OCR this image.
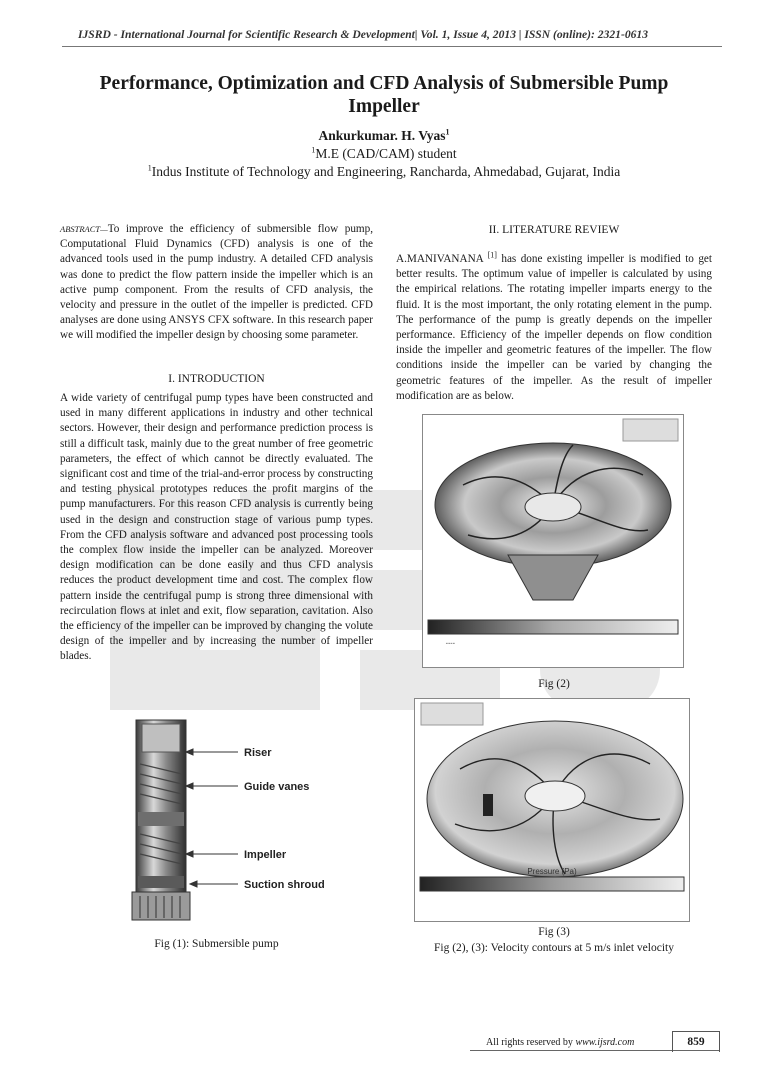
IJSRD - International Journal for Scientific Research & Development| Vol. 1, Issue 4, 2013 | ISSN (online): 2321-0613
Performance, Optimization and CFD Analysis of Submersible Pump Impeller
Ankurkumar. H. Vyas$^1$
$^1$M.E (CAD/CAM) student
$^1$Indus Institute of Technology and Engineering, Rancharda, Ahmedabad, Gujarat, India

ABSTRACT—To improve the efficiency of submersible flow pump, Computational Fluid Dynamics (CFD) analysis is one of the advanced tools used in the pump industry. A detailed CFD analysis was done to predict the flow pattern inside the impeller which is an active pump component. From the results of CFD analysis, the velocity and pressure in the outlet of the impeller is predicted. CFD analyses are done using ANSYS CFX software. In this research paper we will modified the impeller design by choosing some parameter.

I. INTRODUCTION
A wide variety of centrifugal pump types have been constructed and used in many different applications in industry and other technical sectors. However, their design and performance prediction process is still a difficult task, mainly due to the great number of free geometric parameters, the effect of which cannot be directly evaluated. The significant cost and time of the trial-and-error process by constructing and testing physical prototypes reduces the profit margins of the pump manufacturers. For this reason CFD analysis is currently being used in the design and construction stage of various pump types. From the CFD analysis software and advanced post processing tools the complex flow inside the impeller can be analyzed. Moreover design modification can be done easily and thus CFD analysis reduces the product development time and cost. The complex flow pattern inside the centrifugal pump is strong three dimensional with recirculation flows at inlet and exit, flow separation, cavitation. Also the efficiency of the impeller can be improved by changing the volute design of the impeller and by increasing the number of impeller blades.
Riser
Guide vanes
Impeller
Suction shroud
Fig (1): Submersible pump
II. LITERATURE REVIEW

A.MANIVANANA [1] has done existing impeller is modified to get better results. The optimum value of impeller is calculated by using the empirical relations. The rotating impeller imparts energy to the fluid. It is the most important, the only rotating element in the pump. The performance of the pump is greatly depends on the impeller performance. Efficiency of the impeller depends on flow condition inside the impeller and geometric features of the impeller. The flow conditions inside the impeller can be varied by changing the geometric features of the impeller. As the result of impeller modification are as below.

----
Fig (2)
Pressure (Pa)
Fig (3)
Fig (2), (3): Velocity contours at 5 m/s inlet velocity
All rights reserved by www.ijsrd.com	859
